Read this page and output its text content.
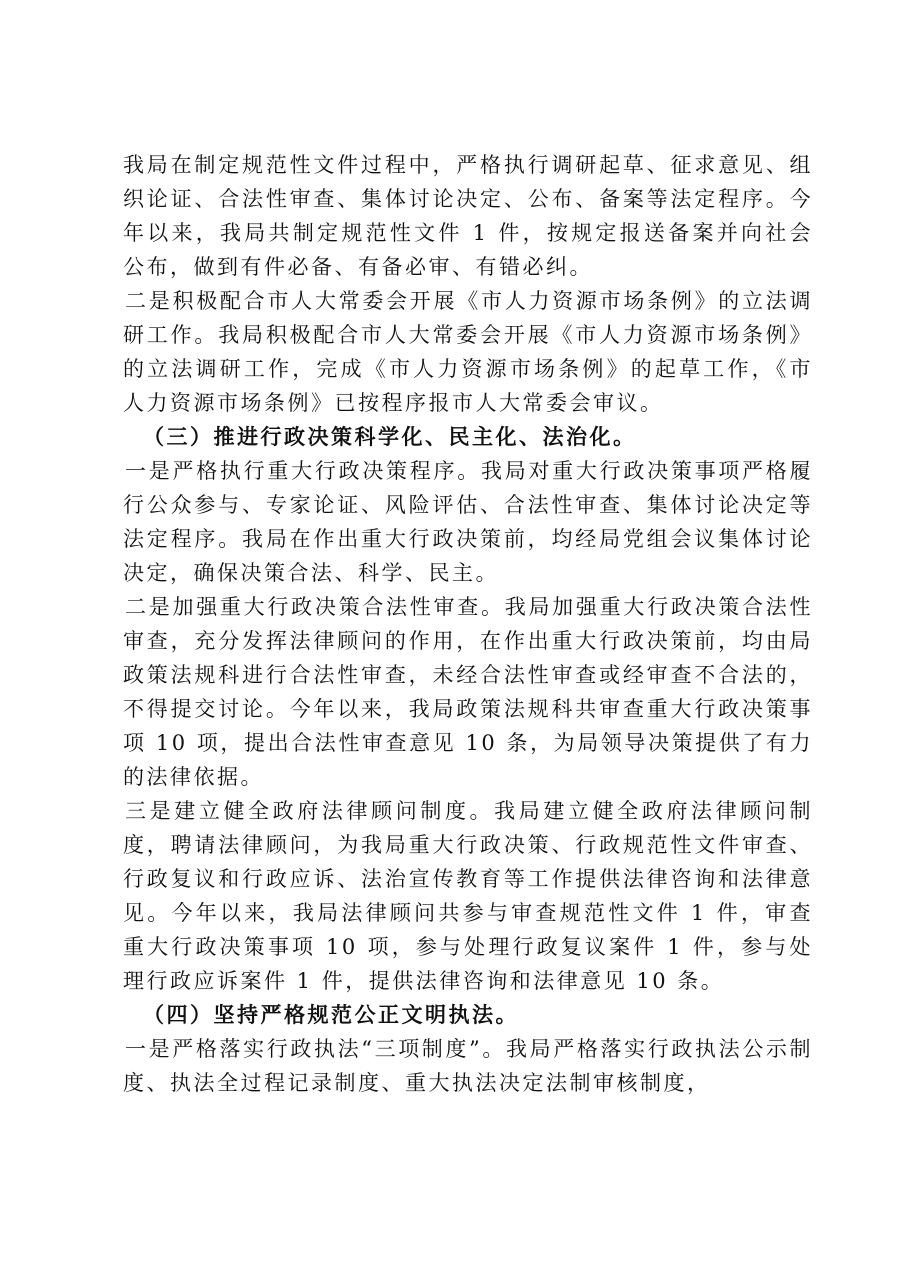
我局在制定规范性文件过程中，严格执行调研起草、征求意见、组织论证、合法性审查、集体讨论决定、公布、备案等法定程序。今年以来，我局共制定规范性文件 1 件，按规定报送备案并向社会公布，做到有件必备、有备必审、有错必纠。

二是积极配合市人大常委会开展《市人力资源市场条例》的立法调研工作。我局积极配合市人大常委会开展《市人力资源市场条例》的立法调研工作，完成《市人力资源市场条例》的起草工作，《市人力资源市场条例》已按程序报市人大常委会审议。

（三）推进行政决策科学化、民主化、法治化。

一是严格执行重大行政决策程序。我局对重大行政决策事项严格履行公众参与、专家论证、风险评估、合法性审查、集体讨论决定等法定程序。我局在作出重大行政决策前，均经局党组会议集体讨论决定，确保决策合法、科学、民主。

二是加强重大行政决策合法性审查。我局加强重大行政决策合法性审查，充分发挥法律顾问的作用，在作出重大行政决策前，均由局政策法规科进行合法性审查，未经合法性审查或经审查不合法的，不得提交讨论。今年以来，我局政策法规科共审查重大行政决策事项 10 项，提出合法性审查意见 10 条，为局领导决策提供了有力的法律依据。

三是建立健全政府法律顾问制度。我局建立健全政府法律顾问制度，聘请法律顾问，为我局重大行政决策、行政规范性文件审查、行政复议和行政应诉、法治宣传教育等工作提供法律咨询和法律意见。今年以来，我局法律顾问共参与审查规范性文件 1 件，审查重大行政决策事项 10 项，参与处理行政复议案件 1 件，参与处理行政应诉案件 1 件，提供法律咨询和法律意见 10 条。

（四）坚持严格规范公正文明执法。

一是严格落实行政执法“三项制度”。我局严格落实行政执法公示制度、执法全过程记录制度、重大执法决定法制审核制度，
